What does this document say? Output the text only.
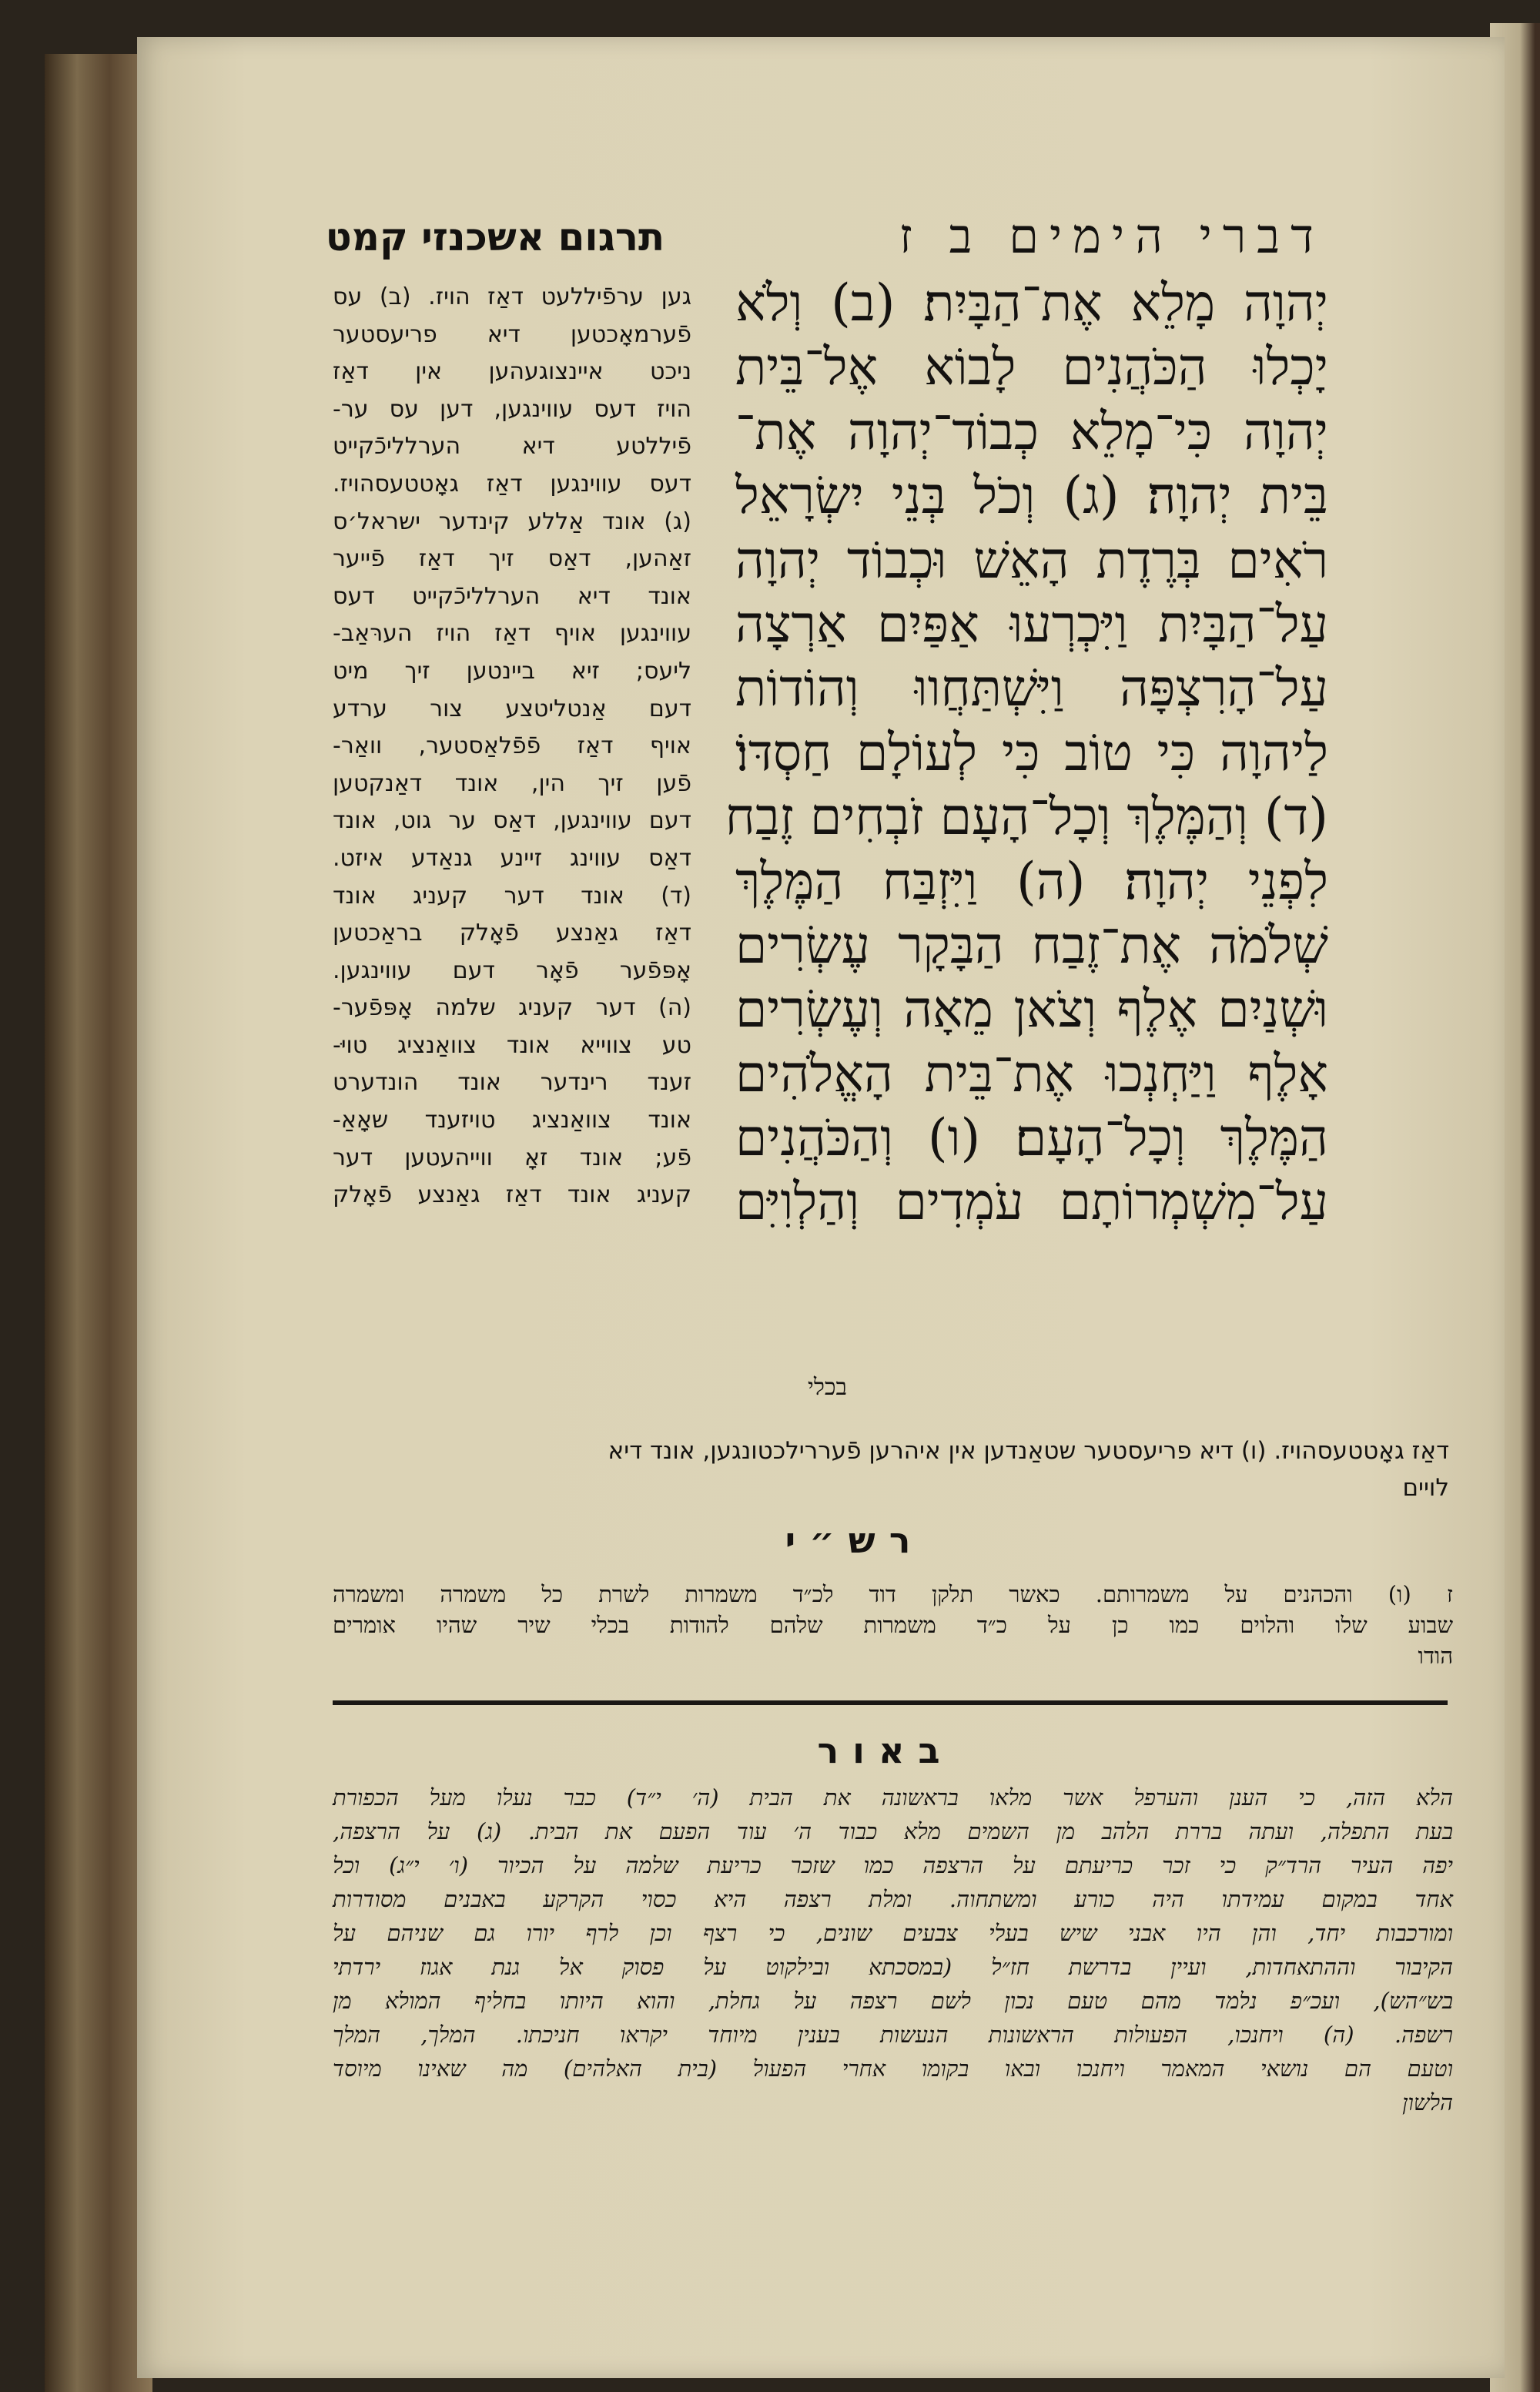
דברי הימים ב ז
תרגום אשכנזי קמט
יְהוָה מָלֵא אֶת־הַבָּיִת׃ (ב) וְלֹא
יָכְלוּ הַכֹּהֲנִים לָבוֹא אֶל־בֵּית
יְהוָה כִּי־מָלֵא כְבוֹד־יְהוָה אֶת־
בֵּית יְהוָה׃ (ג) וְכֹל בְּנֵי יִשְׂרָאֵל
רֹאִים בְּרֶדֶת הָאֵשׁ וּכְבוֹד יְהוָה
עַל־הַבָּיִת וַיִּכְרְעוּ אַפַּיִם אַרְצָה
עַל־הָרִצְפָּה וַיִּשְׁתַּחֲווּ וְהוֹדוֹת
לַיהוָה כִּי טוֹב כִּי לְעוֹלָם חַסְדּוֹ׃
(ד) וְהַמֶּלֶךְ וְכָל־הָעָם זֹבְחִים זֶבַח
לִפְנֵי יְהוָה׃ (ה) וַיִּזְבַּח הַמֶּלֶךְ
שְׁלֹמֹה אֶת־זֶבַח הַבָּקָר עֶשְׂרִים
וּשְׁנַיִם אֶלֶף וְצֹאן מֵאָה וְעֶשְׂרִים
אָלֶף וַיַּחְנְכוּ אֶת־בֵּית הָאֱלֹהִים
הַמֶּלֶךְ וְכָל־הָעָם׃ (ו) וְהַכֹּהֲנִים
עַל־מִשְׁמְרוֹתָם עֹמְדִים וְהַלְוִיִּם
בכלי
גען ערפֿיללעט דאַז הויז. (ב) עס
פֿערמאָכטען דיא פריעסטער
ניכט איינצוגעהען אין דאַז
הויז דעס עווינגען, דען עס ער-
פֿיללטע דיא הערלליכֿקייט
דעס עווינגען דאַז גאָטטעסהויז.
(ג) אונד אַללע קינדער ישראל׳ס
זאַהען, דאַס זיך דאַז פֿייער
אונד דיא הערלליכֿקייט דעס
עווינגען אויף דאַז הויז הערּאַב-
ליעס; זיא ביינטען זיך מיט
דעם אַנטליטצע צור ערדע
אויף דאַז פֿפֿלאַסטער, וואַר-
פֿען זיך הין, אונד דאַנקטען
דעם עווינגען, דאַס ער גוט, אונד
דאַס עווינג זיינע גנאַדע איזט.
(ד) אונד דער קעניג אונד
דאַז גאַנצע פֿאָלק בראַכטען
אָפּפֿער פֿאָר דעם עווינגען.
(ה) דער קעניג שלמה אָפּפֿער-
טע צווייא אונד צוואַנציג טויּ-
זענד רינדער אונד הונדערט
אונד צוואַנציג טויזענד שאָאַ-
פֿע; אונד זאָ ווייהעטען דער
קעניג אונד דאַז גאַנצע פֿאָלק
דאַז גאָטטעסהויז. (ו) דיא פריעסטער שטאַנדען אין איהרען פֿעררילכטונגען, אונד דיא
לויים
רש״י
ז (ו) והכהנים על משמרותם. כאשר תלקן דוד לכ״ד משמרות לשרת כל משמרה ומשמרה
שבוע שלו והלוים כמו כן על כ״ד משמרות שלהם להודות בכלי שיר שהיו אומרים
הודו
באור
הלא הזה, כי הענן והערפל אשר מלאו בראשונה את הבית (ה׳ י״ד) כבר נעלו מעל הכפורת
בעת התפלה, ועתה בררת הלהב מן השמים מלא כבוד ה׳ עוד הפעם את הבית. (ג) על הרצפה,
יפה העיר הרד״ק כי זכר כריעתם על הרצפה כמו שזכר כריעת שלמה על הכיור (ו׳ י״ג) וכל
אחד במקום עמידתו היה כורע ומשתחוה. ומלת רצפה היא כסוי הקרקע באבנים מסודרות
ומורכבות יחד, והן היו אבני שיש בעלי צבעים שונים, כי רצף וכן לרף יורו גם שניהם על
הקיבור וההתאחדות, ועיין בדרשת חז״ל (במסכתא ובילקוט על פסוק אל גנת אגוז ירדתי
בש״הש), ועכ״פ נלמד מהם טעם נכון לשם רצפה על גחלת, והוא היותו בחליף המולא מן
רשפה. (ה) ויחנכו, הפעולות הראשונות הנעשות בענין מיוחד יקראו חניכתו. המלך, המלך
וטעם הם נושאי המאמר ויחנכו ובאו בקומו אחרי הפעול (בית האלהים) מה שאינו מיוסד
הלשון
